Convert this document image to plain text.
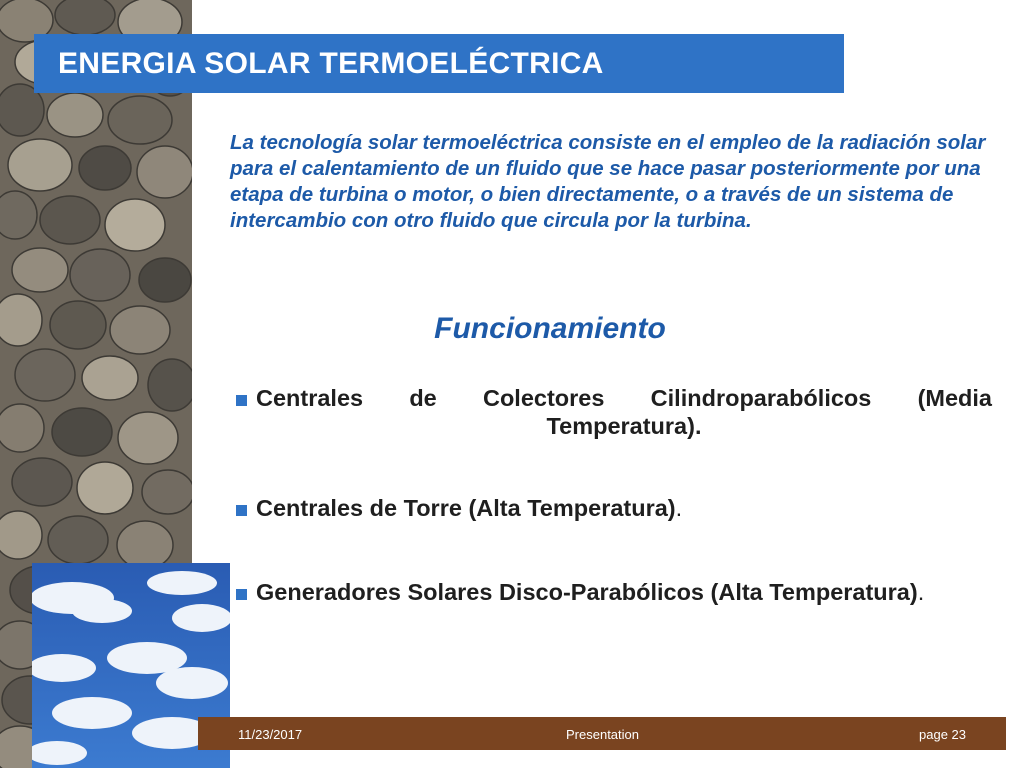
ENERGIA SOLAR TERMOELÉCTRICA
La tecnología solar termoeléctrica consiste en el empleo de la radiación solar para el calentamiento de un fluido que se hace pasar posteriormente por una etapa de turbina o motor, o bien directamente, o a través de un sistema de intercambio con otro fluido que circula por la turbina.
Funcionamiento
Centrales de Colectores Cilindroparabólicos (Media Temperatura).
Centrales de Torre (Alta Temperatura).
Generadores Solares Disco-Parabólicos (Alta Temperatura).
11/23/2017	Presentation	page 23
